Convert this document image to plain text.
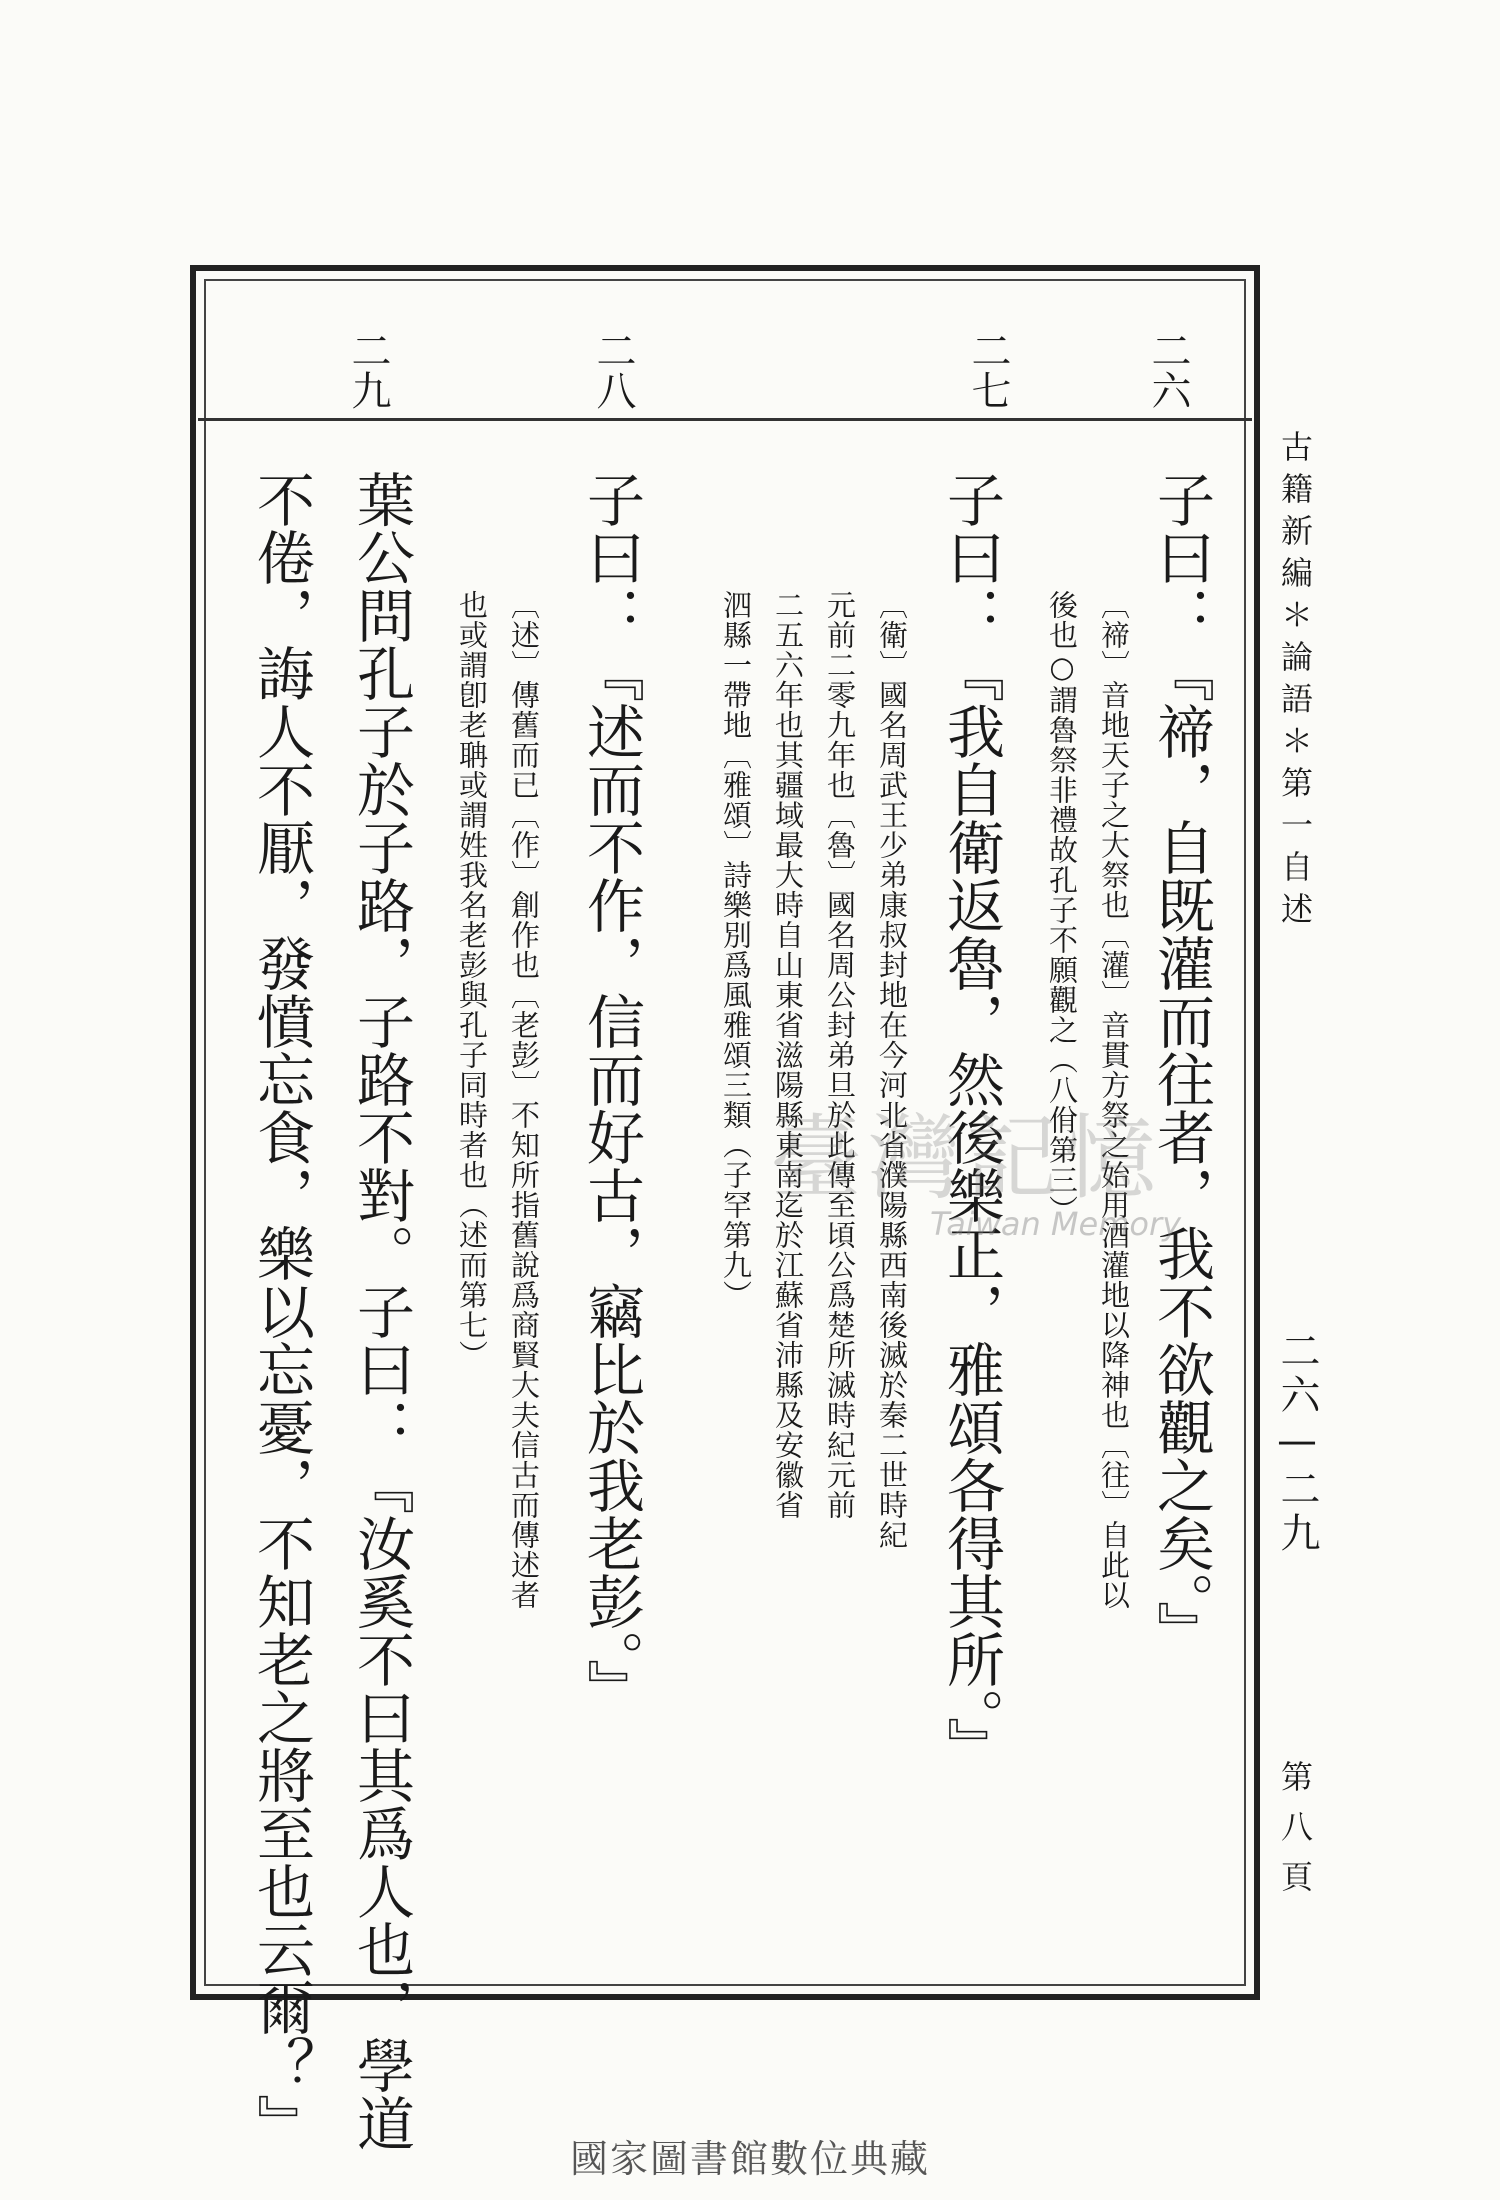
古籍新編＊論語＊第一自述
二六—二九
第八頁
⼆六
⼆七
⼆八
⼆九
子曰：『禘，自既灌而往者，我不欲觀之矣。』
〔禘〕音地天子之大祭也〔灌〕音貫方祭之始用酒灌地以降神也〔往〕自此以
後也○謂魯祭非禮故孔子不願觀之（八佾第三）
子曰：『我自衛返魯，然後樂正，雅頌各得其所。』
〔衛〕國名周武王少弟康叔封地在今河北省濮陽縣西南後滅於秦二世時紀
元前二零九年也〔魯〕國名周公封弟旦於此傳至頃公爲楚所滅時紀元前
二五六年也其疆域最大時自山東省滋陽縣東南迄於江蘇省沛縣及安徽省
泗縣一帶地〔雅頌〕詩樂別爲風雅頌三類（子罕第九）
子曰：『述而不作，信而好古，竊比於我老彭。』
〔述〕傳舊而已〔作〕創作也〔老彭〕不知所指舊說爲商賢大夫信古而傳述者
也或謂卽老聃或謂姓我名老彭與孔子同時者也（述而第七）
葉公問孔子於子路，子路不對。子曰：『汝奚不曰其爲人也，學道
不倦，誨人不厭，發憤忘食，樂以忘憂，不知老之將至也云爾？』	臺灣記憶
Taiwan Memory
國家圖書館數位典藏
